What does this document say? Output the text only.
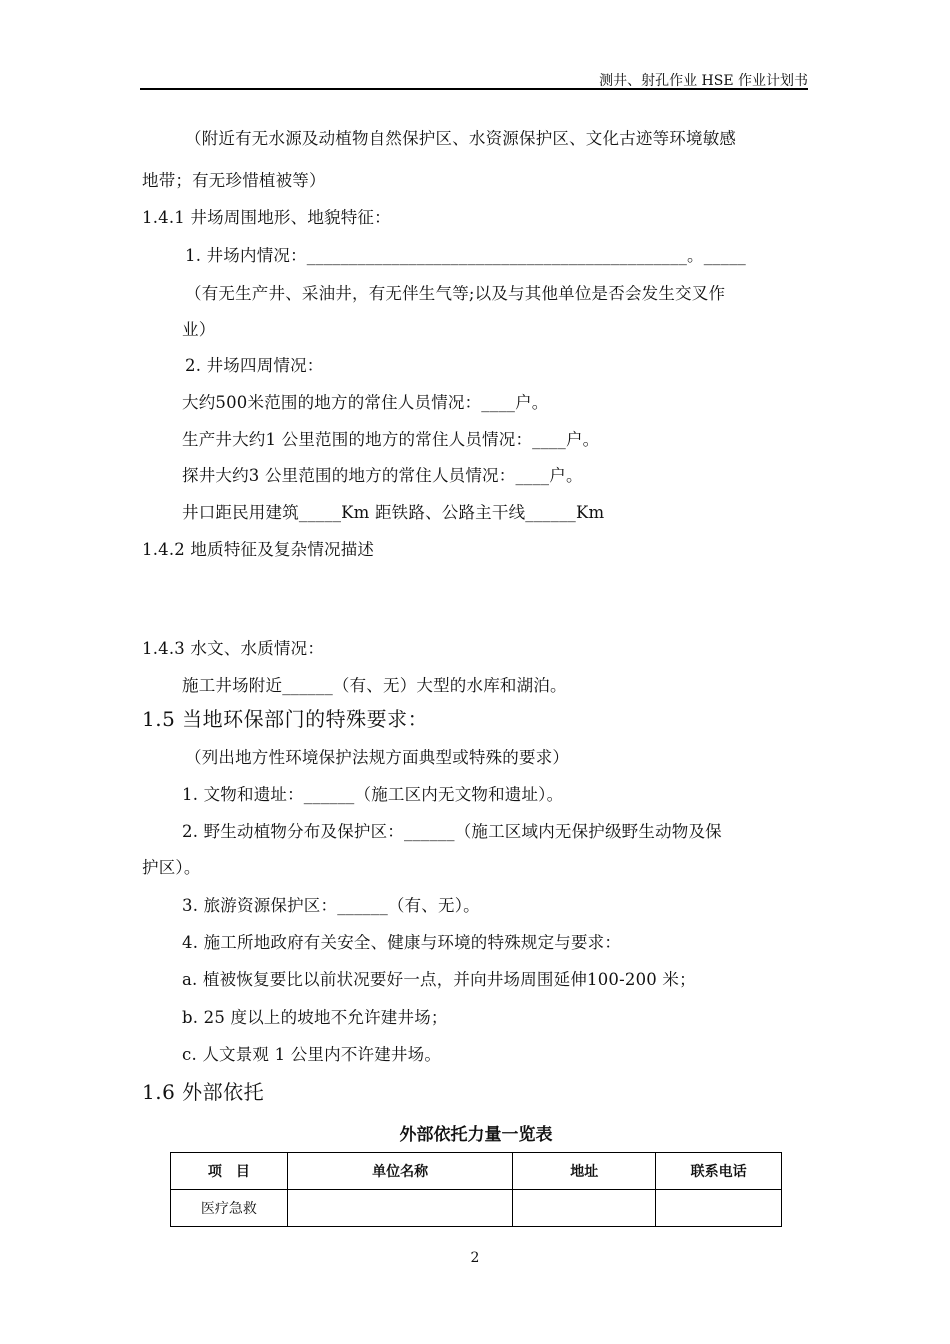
测井、射孔作业 HSE 作业计划书
（附近有无水源及动植物自然保护区、水资源保护区、文化古迹等环境敏感
地带；有无珍惜植被等）
1.4.1 井场周围地形、地貌特征：
1. 井场内情况：_____________________________________________。_____
（有无生产井、采油井，有无伴生气等;以及与其他单位是否会发生交叉作
业）
2. 井场四周情况：
大约500米范围的地方的常住人员情况：____户。
生产井大约1 公里范围的地方的常住人员情况：____户。
探井大约3 公里范围的地方的常住人员情况：____户。
井口距民用建筑_____Km 距铁路、公路主干线______Km
1.4.2 地质特征及复杂情况描述
1.4.3 水文、水质情况：
施工井场附近______（有、无）大型的水库和湖泊。
1.5 当地环保部门的特殊要求：
（列出地方性环境保护法规方面典型或特殊的要求）
1. 文物和遗址：______（施工区内无文物和遗址）。
2. 野生动植物分布及保护区：______（施工区域内无保护级野生动物及保
护区）。
3. 旅游资源保护区：______（有、无）。
4. 施工所地政府有关安全、健康与环境的特殊规定与要求：
a. 植被恢复要比以前状况要好一点，并向井场周围延伸100-200 米；
b. 25 度以上的坡地不允许建井场；
c. 人文景观 1 公里内不许建井场。
1.6 外部依托
外部依托力量一览表
项　目	单位名称	地址	联系电话
医疗急救			
2
